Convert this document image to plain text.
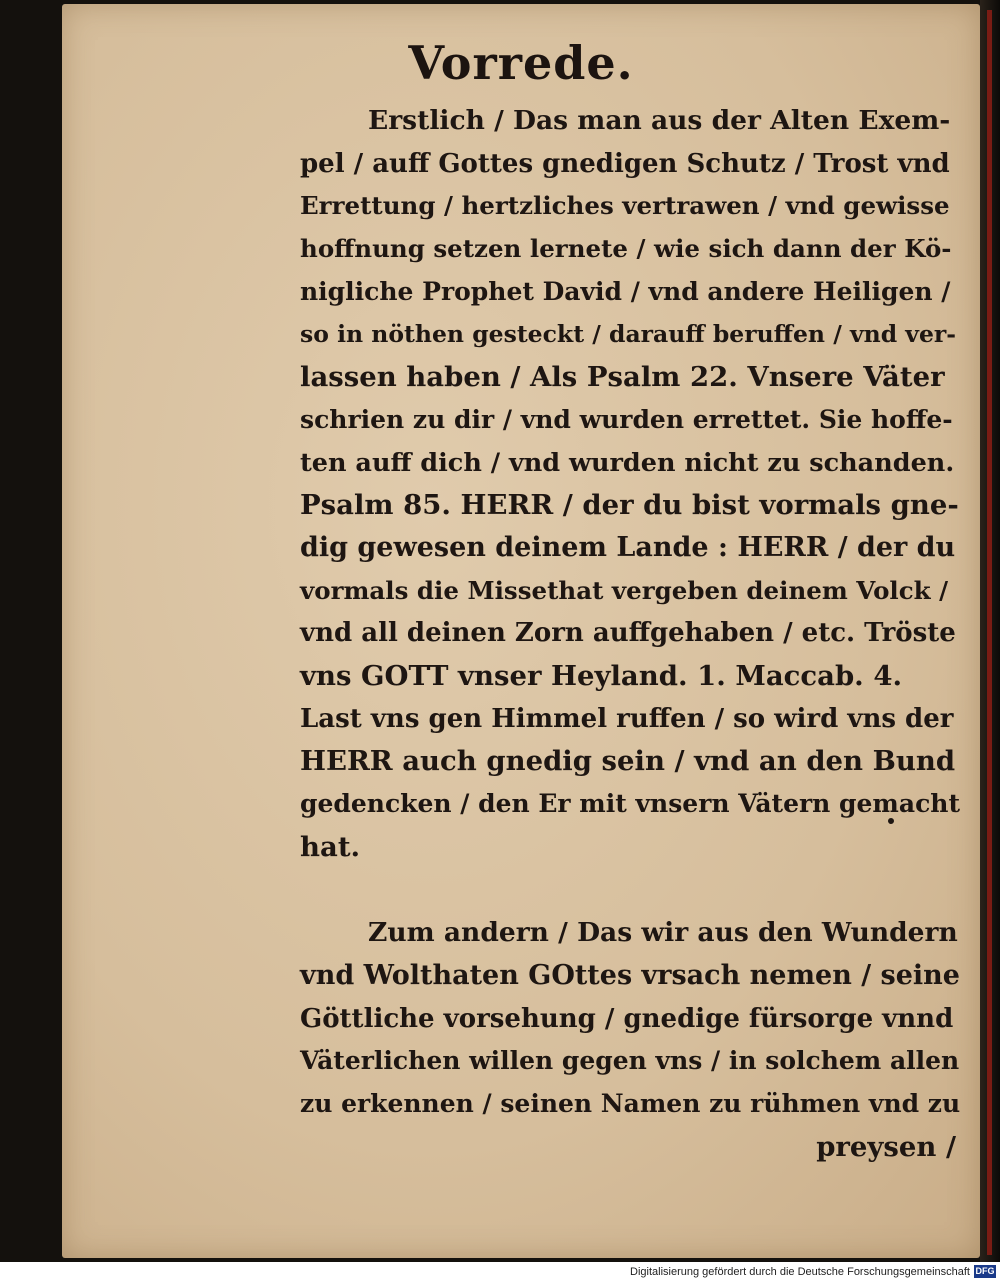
Vorrede.
Erstlich / Das man aus der Alten Exem-
pel / auff Gottes gnedigen Schutz / Trost vnd
Errettung / hertzliches vertrawen / vnd gewisse
hoffnung setzen lernete / wie sich dann der Kö-
nigliche Prophet David / vnd andere Heiligen /
so in nöthen gesteckt / darauff beruffen / vnd ver-
lassen haben / Als Psalm 22. Vnsere Väter
schrien zu dir / vnd wurden errettet. Sie hoffe-
ten auff dich / vnd wurden nicht zu schanden.
Psalm 85. HERR / der du bist vormals gne-
dig gewesen deinem Lande : HERR / der du
vormals die Missethat vergeben deinem Volck /
vnd all deinen Zorn auffgehaben / etc. Tröste
vns GOTT vnser Heyland. 1. Maccab. 4.
Last vns gen Himmel ruffen / so wird vns der
HERR auch gnedig sein / vnd an den Bund
gedencken / den Er mit vnsern Vätern gemacht
hat.
Zum andern / Das wir aus den Wundern
vnd Wolthaten GOttes vrsach nemen / seine
Göttliche vorsehung / gnedige fürsorge vnnd
Väterlichen willen gegen vns / in solchem allen
zu erkennen / seinen Namen zu rühmen vnd zu
preysen /
Digitalisierung gefördert durch die Deutsche Forschungsgemeinschaft DFG
